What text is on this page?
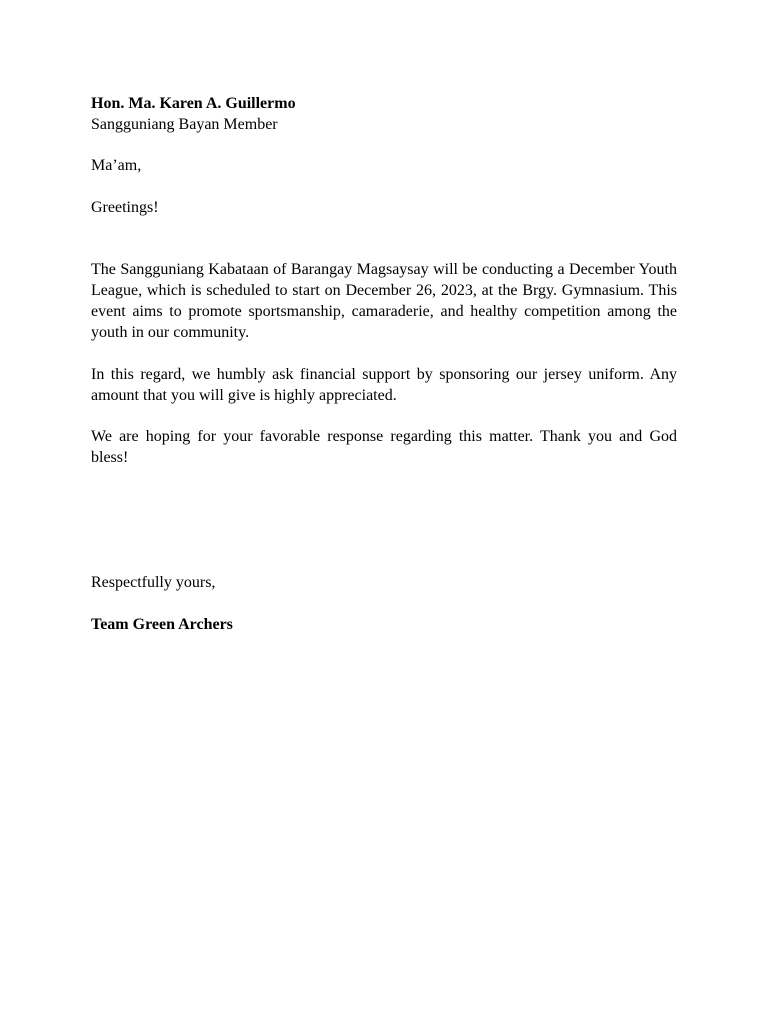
Hon. Ma. Karen A. Guillermo

Sangguniang Bayan Member

Ma’am,

Greetings!

The Sangguniang Kabataan of Barangay Magsaysay will be conducting a December Youth League, which is scheduled to start on December 26, 2023, at the Brgy. Gymnasium. This event aims to promote sportsmanship, camaraderie, and healthy competition among the youth in our community.

In this regard, we humbly ask financial support by sponsoring our jersey uniform. Any amount that you will give is highly appreciated.

We are hoping for your favorable response regarding this matter. Thank you and God bless!

Respectfully yours,

Team Green Archers
